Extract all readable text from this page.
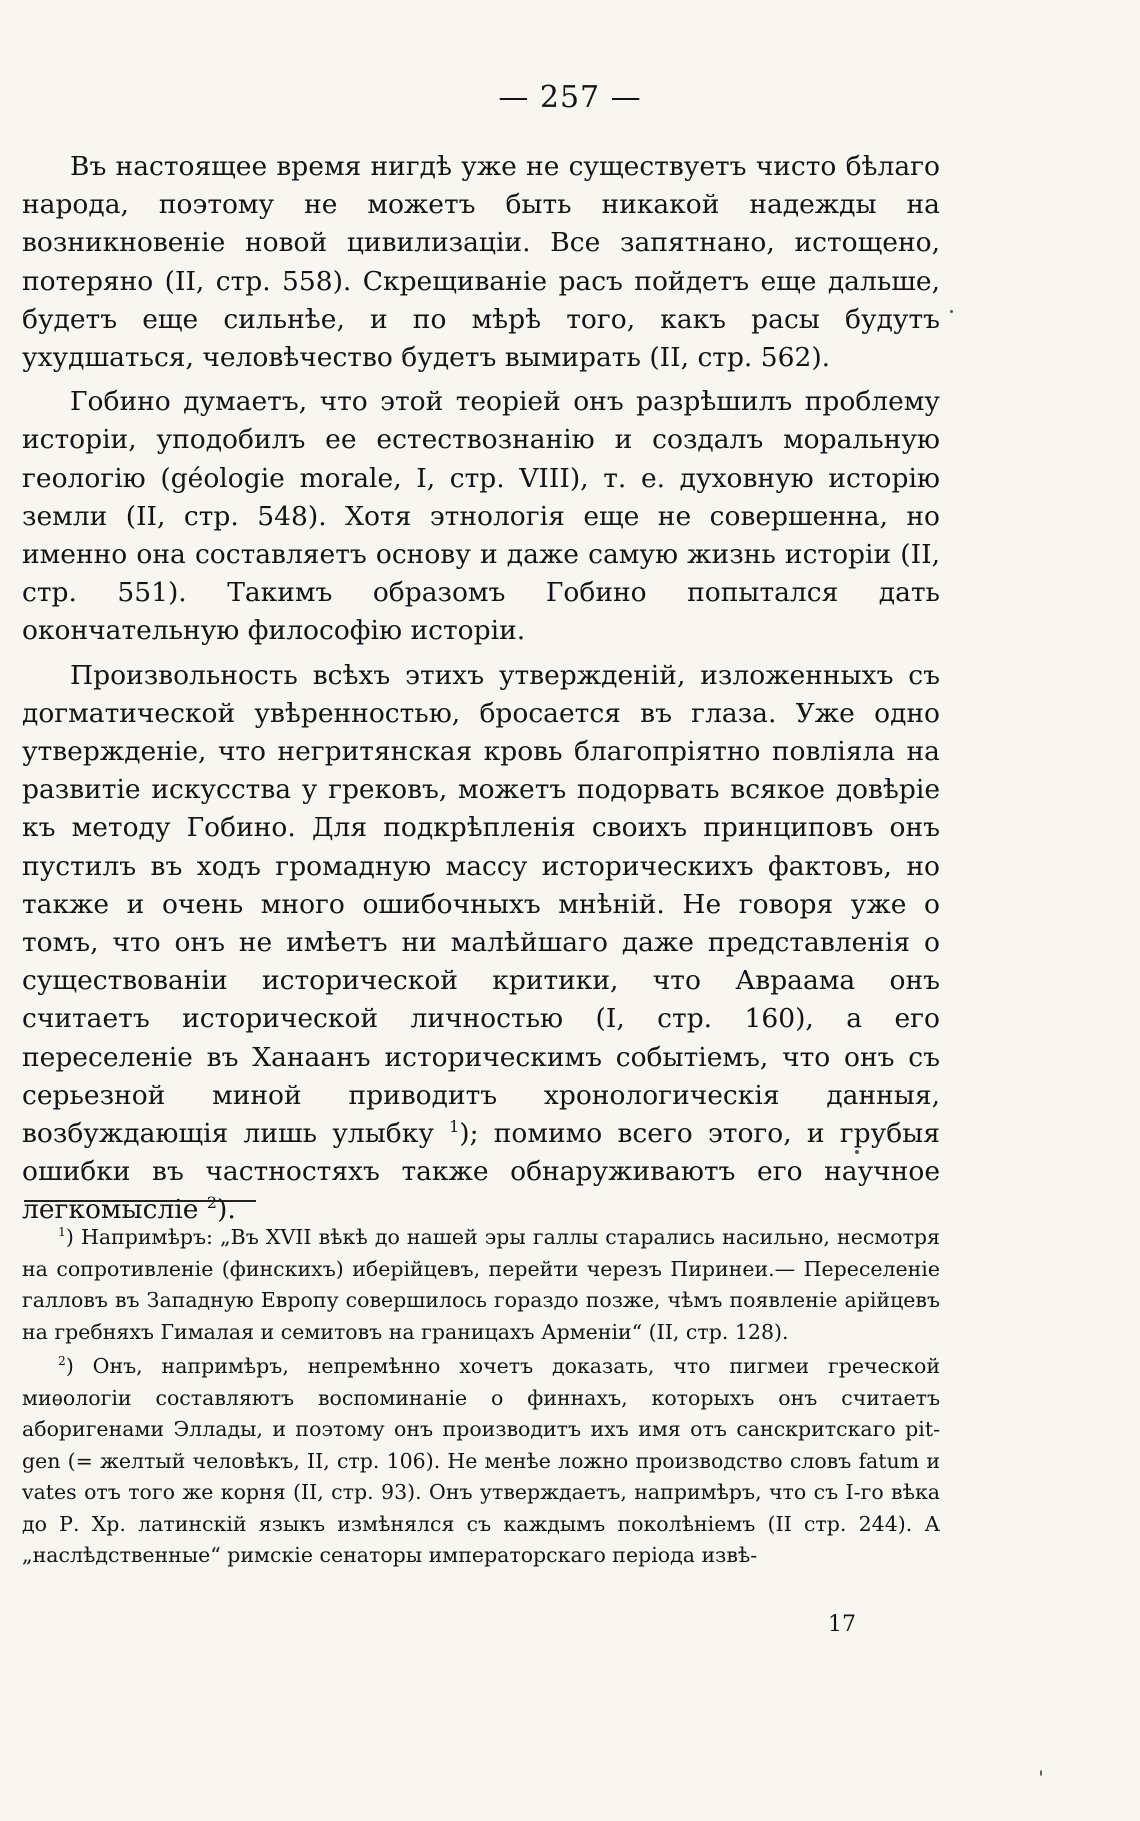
— 257 —

Въ настоящее время нигдѣ уже не существуетъ чисто бѣлаго народа, поэтому не можетъ быть никакой надежды на возникновеніе новой цивилизаціи. Все запятнано, истощено, потеряно (II, стр. 558). Скрещиваніе расъ пойдетъ еще дальше, будетъ еще сильнѣе, и по мѣрѣ того, какъ расы будутъ ухудшаться, человѣчество будетъ вымирать (II, стр. 562).

Гобино думаетъ, что этой теоріей онъ разрѣшилъ проблему исторіи, уподобилъ ее естествознанію и создалъ моральную геологію (géologie morale, I, стр. VIII), т. е. духовную исторію земли (II, стр. 548). Хотя этнологія еще не совершенна, но именно она составляетъ основу и даже самую жизнь исторіи (II, стр. 551). Такимъ образомъ Гобино попытался дать окончательную философію исторіи.

Произвольность всѣхъ этихъ утвержденій, изложенныхъ съ догматической увѣренностью, бросается въ глаза. Уже одно утвержденіе, что негритянская кровь благопріятно повліяла на развитіе искусства у грековъ, можетъ подорвать всякое довѣріе къ методу Гобино. Для подкрѣпленія своихъ принциповъ онъ пустилъ въ ходъ громадную массу историческихъ фактовъ, но также и очень много ошибочныхъ мнѣній. Не говоря уже о томъ, что онъ не имѣетъ ни малѣйшаго даже представленія о существованіи исторической критики, что Авраама онъ считаетъ исторической личностью (I, стр. 160), а его переселеніе въ Ханаанъ историческимъ событіемъ, что онъ съ серьезной миной приводитъ хронологическія данныя, возбуждающія лишь улыбку $^1$); помимо всего этого, и грубыя ошибки въ частностяхъ также обнаруживаютъ его научное легкомысліе $^2$).

$^1$) Напримѣръ: „Въ XVII вѣкѣ до нашей эры галлы старались насильно, несмотря на сопротивленіе (финскихъ) иберійцевъ, перейти черезъ Пиринеи.— Переселеніе галловъ въ Западную Европу совершилось гораздо позже, чѣмъ появленіе арійцевъ на гребняхъ Гималая и семитовъ на границахъ Арменіи“ (II, стр. 128).

$^2$) Онъ, напримѣръ, непремѣнно хочетъ доказать, что пигмеи греческой миѳологіи составляютъ воспоминаніе о финнахъ, которыхъ онъ считаетъ аборигенами Эллады, и поэтому онъ производитъ ихъ имя отъ санскритскаго pit-gen (= желтый человѣкъ, II, стр. 106). Не менѣе ложно производство словъ fatum и vates отъ того же корня (II, стр. 93). Онъ утверждаетъ, напримѣръ, что съ I-го вѣка до Р. Хр. латинскій языкъ измѣнялся съ каждымъ поколѣніемъ (II стр. 244). А „наслѣдственные“ римскіе сенаторы императорскаго періода извѣ-

17
